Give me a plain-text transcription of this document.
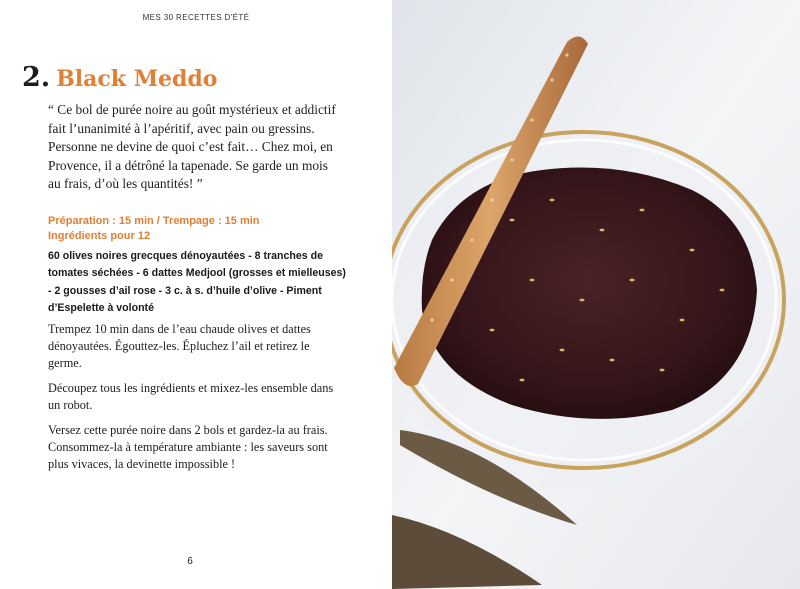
MES 30 RECETTES D'ÉTÉ
2. Black Meddo

“ Ce bol de purée noire au goût mystérieux et addictif fait l’unanimité à l’apéritif, avec pain ou gressins. Personne ne devine de quoi c’est fait… Chez moi, en Provence, il a détrôné la tapenade. Se garde un mois au frais, d’où les quantités! ”

Préparation : 15 min / Trempage : 15 min
Ingrédients pour 12

60 olives noires grecques dénoyautées - 8 tranches de tomates séchées - 6 dattes Medjool (grosses et mielleuses) - 2 gousses d’ail rose - 3 c. à s. d’huile d’olive - Piment d’Espelette à volonté

Trempez 10 min dans de l’eau chaude olives et dattes dénoyautées. Égouttez-les. Épluchez l’ail et retirez le germe.

Découpez tous les ingrédients et mixez-les ensemble dans un robot.

Versez cette purée noire dans 2 bols et gardez-la au frais. Consommez-la à température ambiante : les saveurs sont plus vivaces, la devinette impossible !

6
